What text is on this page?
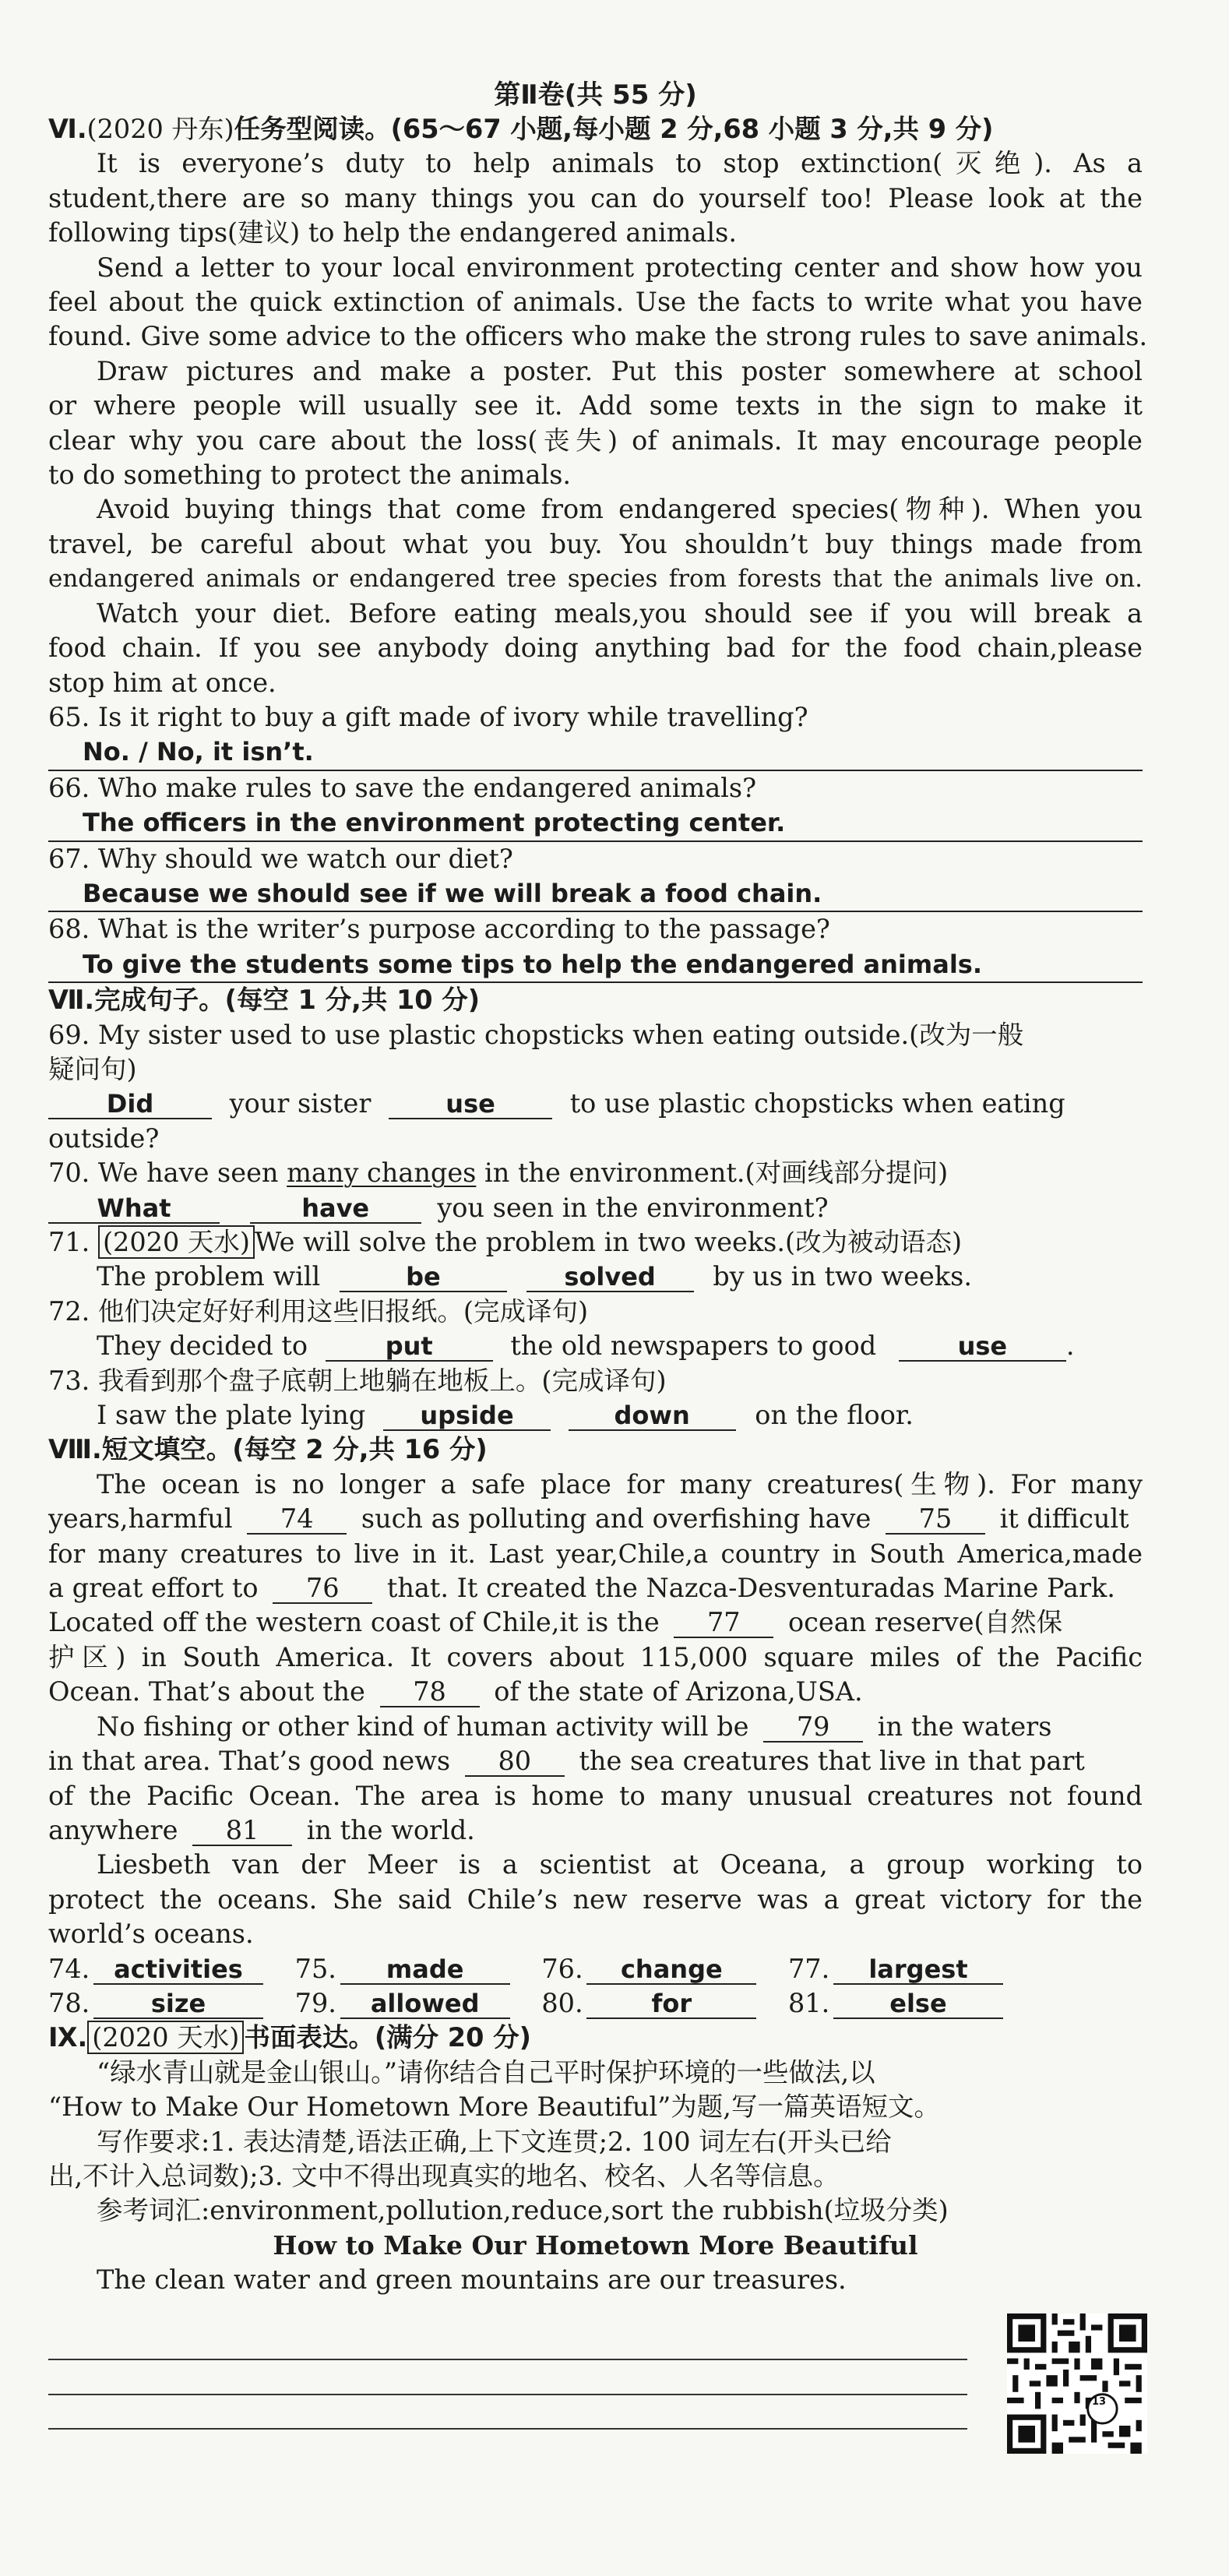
第Ⅱ卷(共 55 分)
Ⅵ.(2020 丹东)任务型阅读。(65～67 小题,每小题 2 分,68 小题 3 分,共 9 分)
It is everyone’s duty to help animals to stop extinction(灭绝). As a
student,there are so many things you can do yourself too! Please look at the
following tips(建议) to help the endangered animals.
Send a letter to your local environment protecting center and show how you
feel about the quick extinction of animals. Use the facts to write what you have
found. Give some advice to the officers who make the strong rules to save animals.
Draw pictures and make a poster. Put this poster somewhere at school
or where people will usually see it. Add some texts in the sign to make it
clear why you care about the loss(丧失) of animals. It may encourage people
to do something to protect the animals.
Avoid buying things that come from endangered species(物种). When you
travel, be careful about what you buy. You shouldn’t buy things made from
endangered animals or endangered tree species from forests that the animals live on.
Watch your diet. Before eating meals,you should see if you will break a
food chain. If you see anybody doing anything bad for the food chain,please
stop him at once.
65. Is it right to buy a gift made of ivory while travelling?
No. / No, it isn’t.
66. Who make rules to save the endangered animals?
The officers in the environment protecting center.
67. Why should we watch our diet?
Because we should see if we will break a food chain.
68. What is the writer’s purpose according to the passage?
To give the students some tips to help the endangered animals.
Ⅶ.完成句子。(每空 1 分,共 10 分)
69. My sister used to use plastic chopsticks when eating outside.(改为一般
疑问句)
Did	your sister	use	to use plastic chopsticks when eating
outside?
70. We have seen many changes in the environment.(对画线部分提问)
What	have	you seen in the environment?
71. (2020 天水) We will solve the problem in two weeks.(改为被动语态)
The problem will	be	solved by us in two weeks.
72. 他们决定好好利用这些旧报纸。(完成译句)
They decided to	put	the old newspapers to good	use .
73. 我看到那个盘子底朝上地躺在地板上。(完成译句)
I saw the plate lying upside	down on the floor.
Ⅷ.短文填空。(每空 2 分,共 16 分)
The ocean is no longer a safe place for many creatures(生物). For many
years,harmful 74 such as polluting and overfishing have 75 it difficult
for many creatures to live in it. Last year,Chile,a country in South America,made
a great effort to 76 that. It created the Nazca-Desventuradas Marine Park.
Located off the western coast of Chile,it is the 77 ocean reserve(自然保
护区) in South America. It covers about 115,000 square miles of the Pacific
Ocean. That’s about the 78 of the state of Arizona,USA.
No fishing or other kind of human activity will be 79 in the waters
in that area. That’s good news 80 the sea creatures that live in that part
of the Pacific Ocean. The area is home to many unusual creatures not found
anywhere 81 in the world.
Liesbeth van der Meer is a scientist at Oceana, a group working to
protect the oceans. She said Chile’s new reserve was a great victory for the
world’s oceans.
74. activities 75. made	76. change	77. largest
78. size	79. allowed 80.	for	81. else
Ⅸ. (2020 天水) 书面表达。(满分 20 分)
“绿水青山就是金山银山。”请你结合自己平时保护环境的一些做法,以
“How to Make Our Hometown More Beautiful”为题,写一篇英语短文。
写作要求:1. 表达清楚,语法正确,上下文连贯;2. 100 词左右(开头已给
出,不计入总词数);3. 文中不得出现真实的地名、校名、人名等信息。
参考词汇:environment,pollution,reduce,sort the rubbish(垃圾分类)
How to Make Our Hometown More Beautiful
The clean water and green mountains are our treasures.
13
